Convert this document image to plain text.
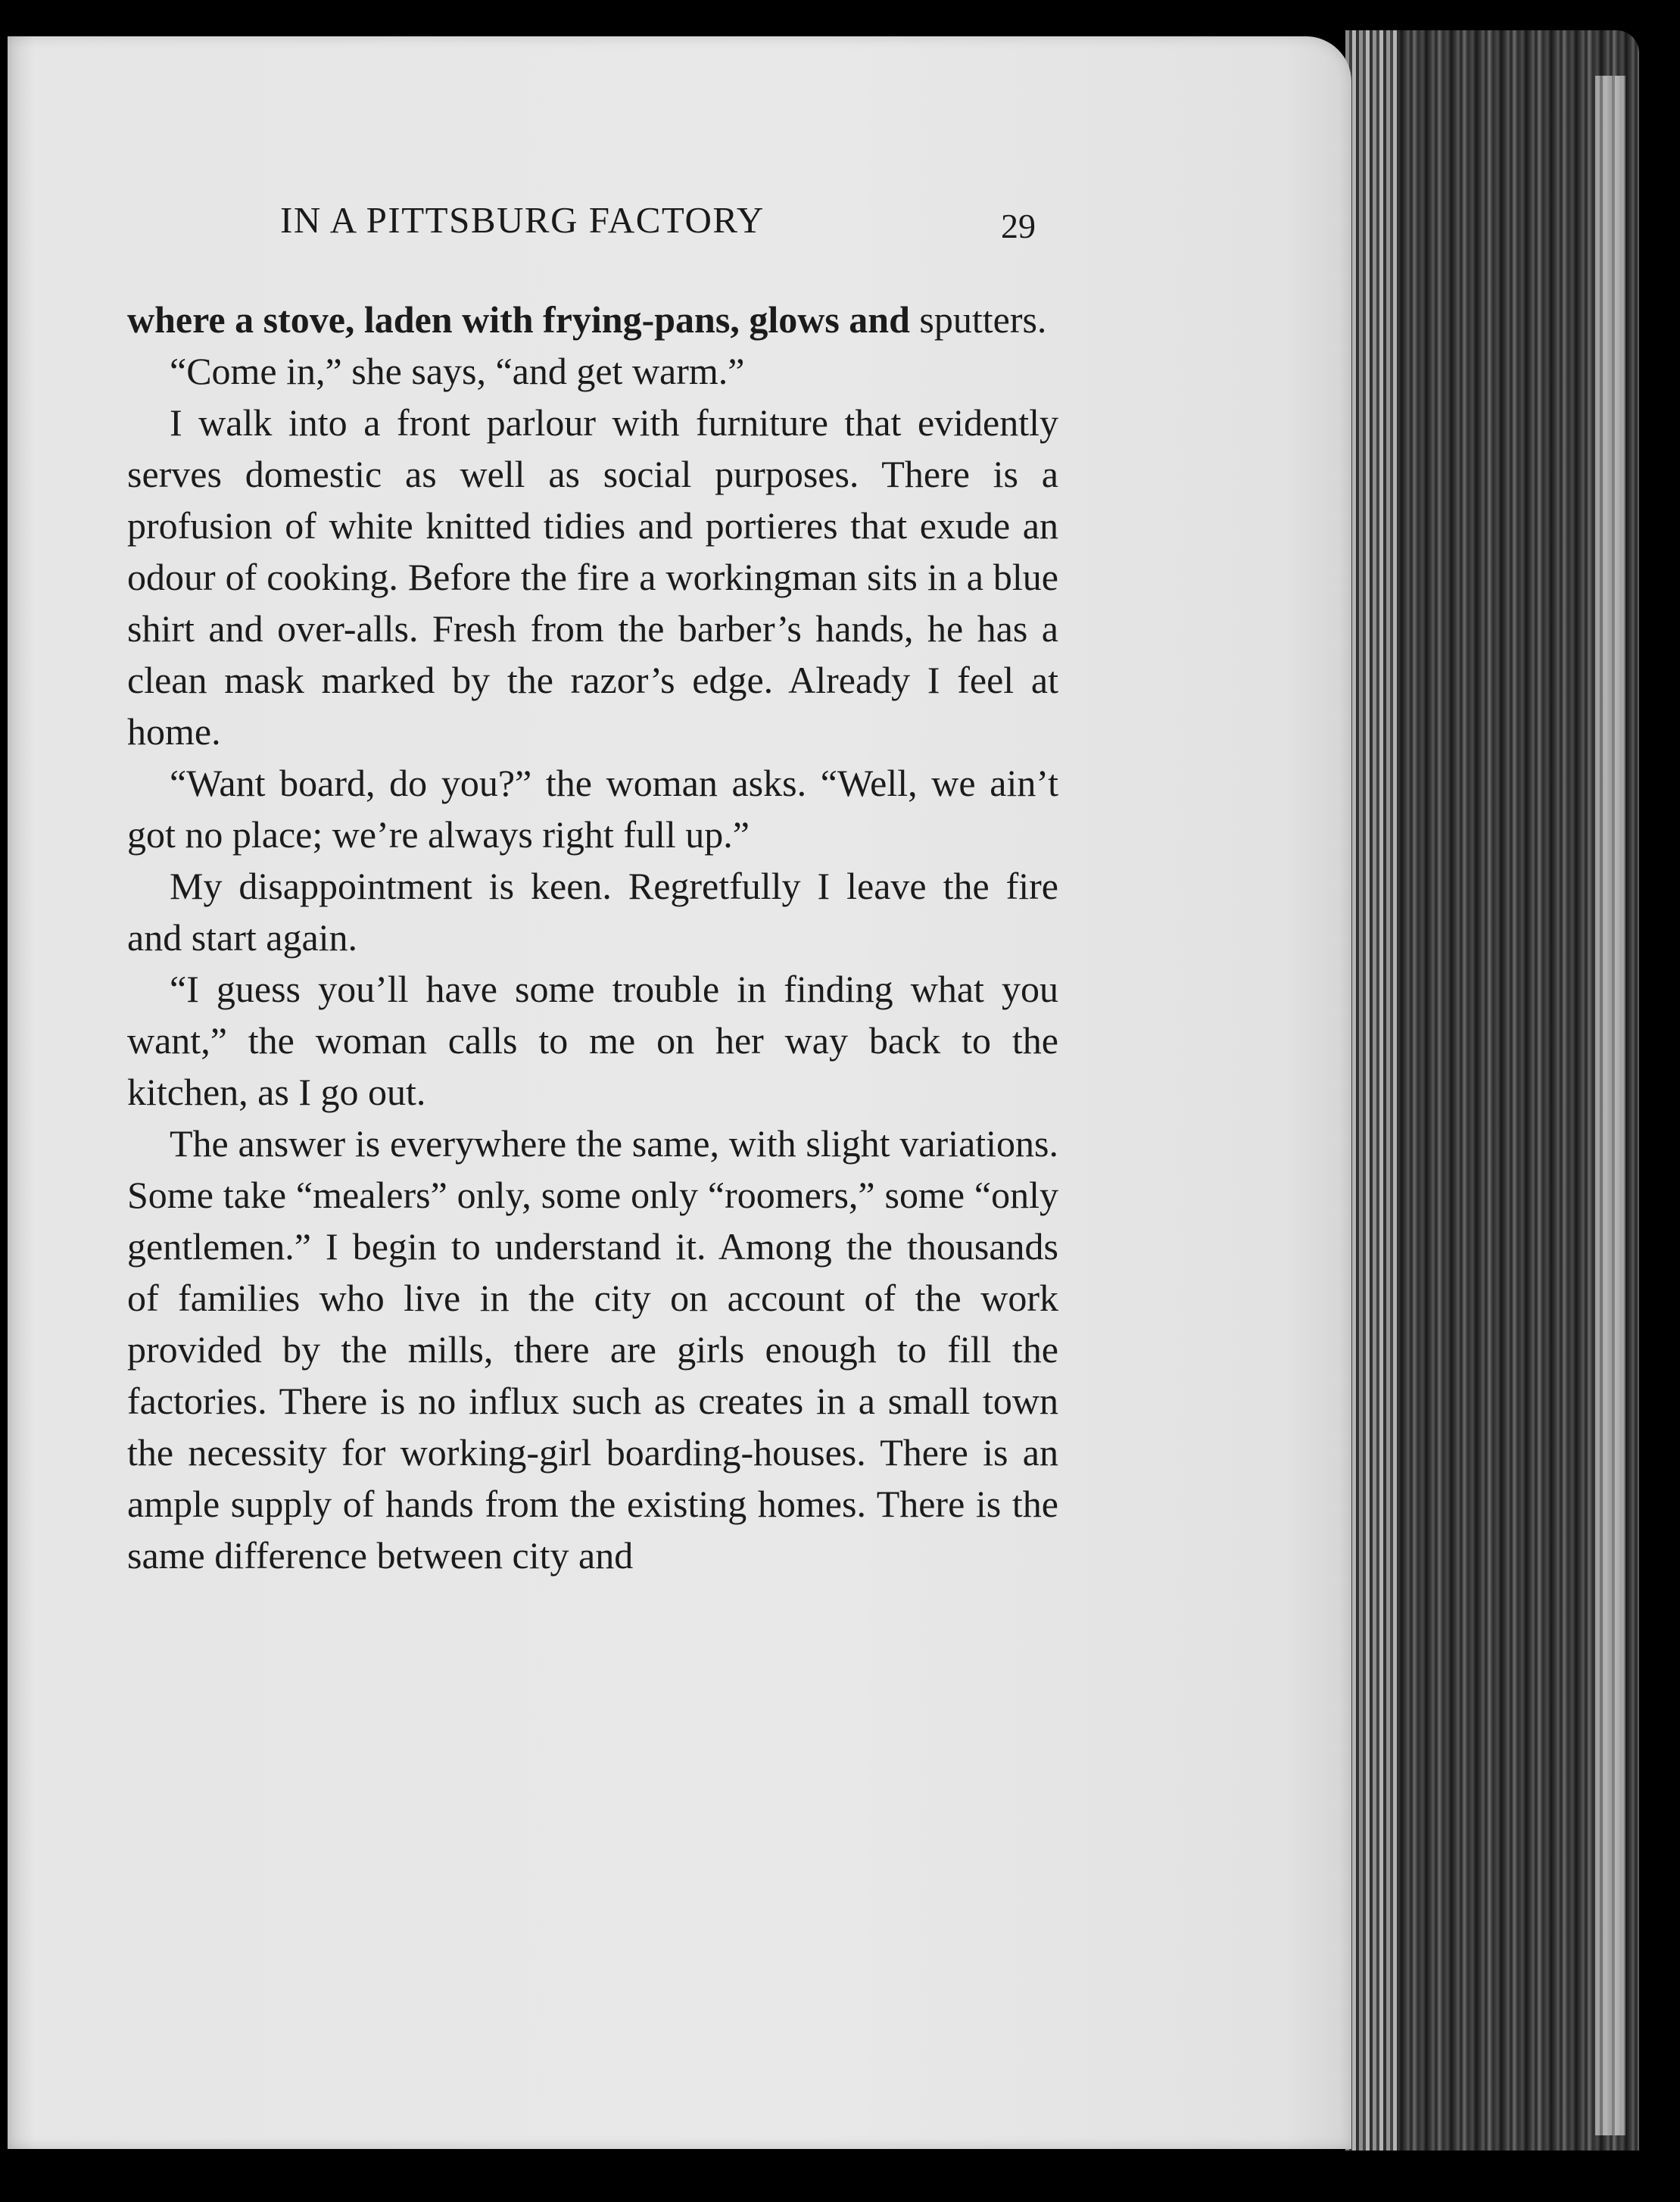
IN A PITTSBURG FACTORY	29

where a stove, laden with frying-pans, glows and sputters.

“Come in,” she says, “and get warm.”

I walk into a front parlour with furniture that evidently serves domestic as well as social purposes. There is a profusion of white knitted tidies and portieres that exude an odour of cooking. Before the fire a workingman sits in a blue shirt and over-alls. Fresh from the barber’s hands, he has a clean mask marked by the razor’s edge. Already I feel at home.

“Want board, do you?” the woman asks. “Well, we ain’t got no place; we’re always right full up.”

My disappointment is keen. Regretfully I leave the fire and start again.

“I guess you’ll have some trouble in finding what you want,” the woman calls to me on her way back to the kitchen, as I go out.

The answer is everywhere the same, with slight variations. Some take “mealers” only, some only “roomers,” some “only gentlemen.” I begin to understand it. Among the thousands of families who live in the city on account of the work provided by the mills, there are girls enough to fill the factories. There is no influx such as creates in a small town the necessity for working-girl boarding-houses. There is an ample supply of hands from the existing homes. There is the same difference between city and
